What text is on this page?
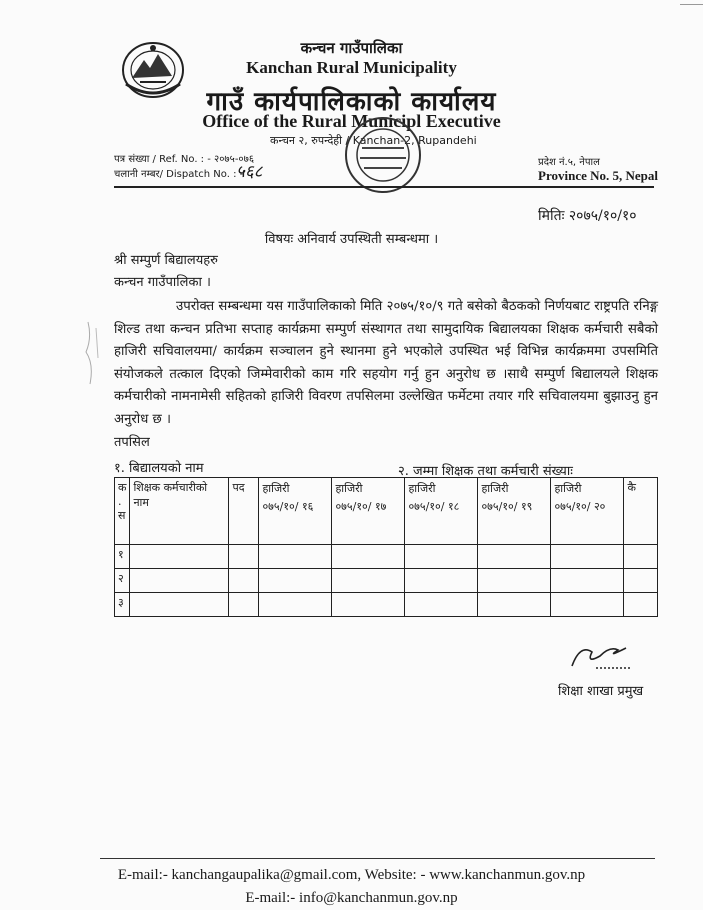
कन्चन गाउँपालिका
Kanchan Rural Municipality
गाउँ कार्यपालिकाको कार्यालय
Office of the Rural Municipl Executive
कन्चन २, रुपन्देही / Kanchan-2, Rupandehi
पत्र संख्या / Ref. No. : - २०७५-०७६
चलानी नम्बर/ Dispatch No. : -
५६८	प्रदेश नं.५, नेपाल
Province No. 5, Nepal
मितिः २०७५/१०/१०
विषयः अनिवार्य उपस्थिती सम्बन्धमा ।
श्री सम्पुर्ण बिद्यालयहरु
कन्चन गाउँपालिका ।
उपरोक्त सम्बन्धमा यस गाउँपालिकाको मिति २०७५/१०/९ गते बसेको बैठकको निर्णयबाट राष्ट्रपति रनिङ्ग शिल्ड तथा कन्चन प्रतिभा सप्ताह कार्यक्रमा सम्पुर्ण संस्थागत तथा सामुदायिक बिद्यालयका शिक्षक कर्मचारी सबैको हाजिरी सचिवालयमा/ कार्यक्रम सञ्चालन हुने स्थानमा हुने भएकोले उपस्थित भई विभिन्न कार्यक्रममा उपसमिति संयोजकले तत्काल दिएको जिम्मेवारीको काम गरि सहयोग गर्नु हुन अनुरोध छ ।साथै सम्पुर्ण बिद्यालयले शिक्षक कर्मचारीको नामनामेसी सहितको हाजिरी विवरण तपसिलमा उल्लेखित फर्मेटमा तयार गरि सचिवालयमा बुझाउनु हुन अनुरोध छ ।
तपसिल
१. बिद्यालयको नाम	२. जम्मा शिक्षक तथा कर्मचारी संख्याः
क . स	शिक्षक कर्मचारीको नाम	पद	हाजिरी ०७५/१०/ १६	हाजिरी ०७५/१०/ १७	हाजिरी ०७५/१०/ १८	हाजिरी ०७५/१०/ १९	हाजिरी ०७५/१०/ २०	कै
१								
२								
३								
शिक्षा शाखा प्रमुख
E-mail:- kanchangaupalika@gmail.com, Website: - www.kanchanmun.gov.np
E-mail:- info@kanchanmun.gov.np
